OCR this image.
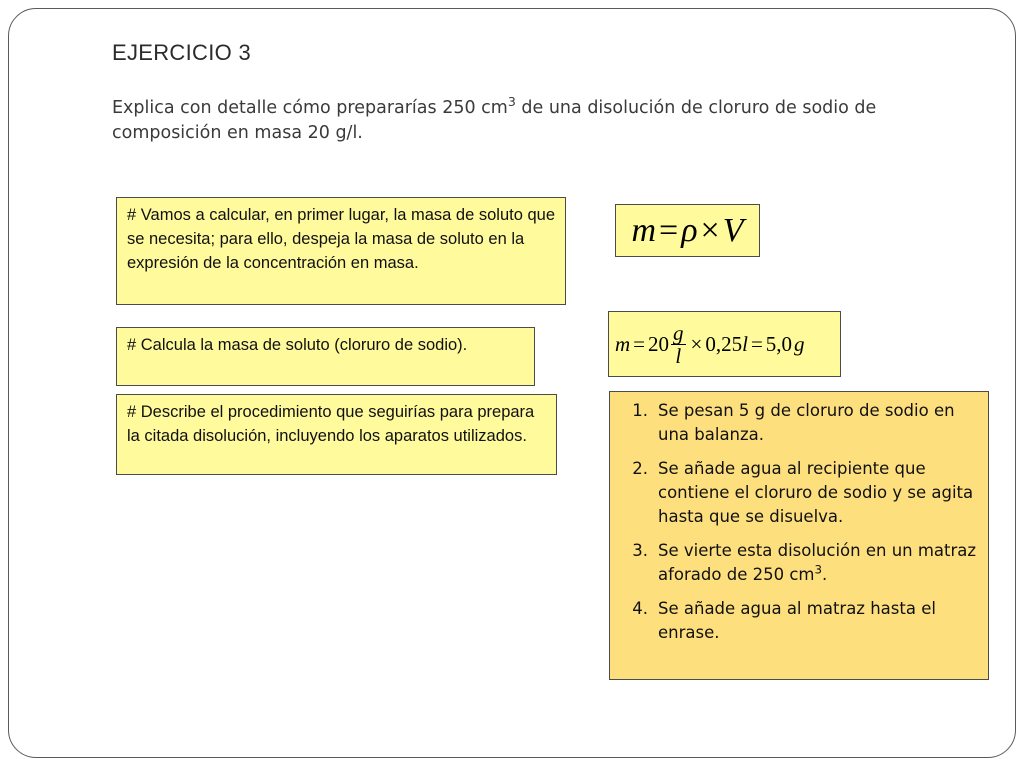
EJERCICIO 3
Explica con detalle cómo prepararías 250 $cm^3$ de una disolución de cloruro de sodio de composición en masa 20 g/l.
# Vamos a calcular, en primer lugar, la masa de soluto que se necesita; para ello, despeja la masa de soluto en la expresión de la concentración en masa.
# Calcula la masa de soluto (cloruro de sodio).
# Describe el procedimiento que seguirías para prepara la citada disolución, incluyendo los aparatos utilizados.
m = ρ × V
$m = 20 \frac{g}{l} \times 0,25$ l = 5,0 g
1. Se pesan 5 g de cloruro de sodio en una balanza.
2. Se añade agua al recipiente que contiene el cloruro de sodio y se agita hasta que se disuelva.
3. Se vierte esta disolución en un matraz aforado de 250 $cm^3$.
4. Se añade agua al matraz hasta el enrase.
